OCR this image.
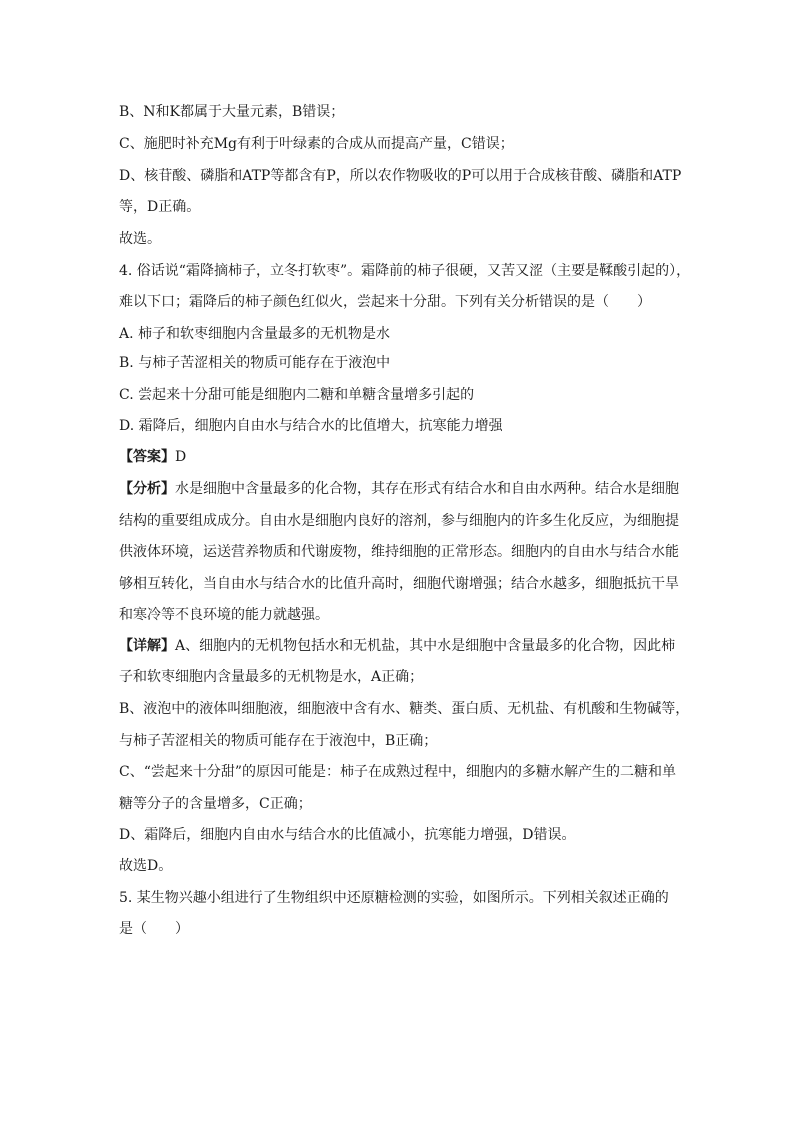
B、N和K都属于大量元素，B错误；
C、施肥时补充Mg有利于叶绿素的合成从而提高产量，C错误；
D、核苷酸、磷脂和ATP等都含有P，所以农作物吸收的P可以用于合成核苷酸、磷脂和ATP
等，D正确。
故选。
4. 俗话说“霜降摘柿子，立冬打软枣”。霜降前的柿子很硬，又苦又涩（主要是鞣酸引起的），
难以下口；霜降后的柿子颜色红似火，尝起来十分甜。下列有关分析错误的是（　　）
A. 柿子和软枣细胞内含量最多的无机物是水
B. 与柿子苦涩相关的物质可能存在于液泡中
C. 尝起来十分甜可能是细胞内二糖和单糖含量增多引起的
D. 霜降后，细胞内自由水与结合水的比值增大，抗寒能力增强
【答案】D
【分析】水是细胞中含量最多的化合物，其存在形式有结合水和自由水两种。结合水是细胞
结构的重要组成成分。自由水是细胞内良好的溶剂，参与细胞内的许多生化反应，为细胞提
供液体环境，运送营养物质和代谢废物，维持细胞的正常形态。细胞内的自由水与结合水能
够相互转化，当自由水与结合水的比值升高时，细胞代谢增强；结合水越多，细胞抵抗干旱
和寒冷等不良环境的能力就越强。
【详解】A、细胞内的无机物包括水和无机盐，其中水是细胞中含量最多的化合物，因此柿
子和软枣细胞内含量最多的无机物是水，A正确；
B、液泡中的液体叫细胞液，细胞液中含有水、糖类、蛋白质、无机盐、有机酸和生物碱等，
与柿子苦涩相关的物质可能存在于液泡中，B正确；
C、“尝起来十分甜”的原因可能是：柿子在成熟过程中，细胞内的多糖水解产生的二糖和单
糖等分子的含量增多，C正确；
D、霜降后，细胞内自由水与结合水的比值减小，抗寒能力增强，D错误。
故选D。
5. 某生物兴趣小组进行了生物组织中还原糖检测的实验，如图所示。下列相关叙述正确的
是（　　）
